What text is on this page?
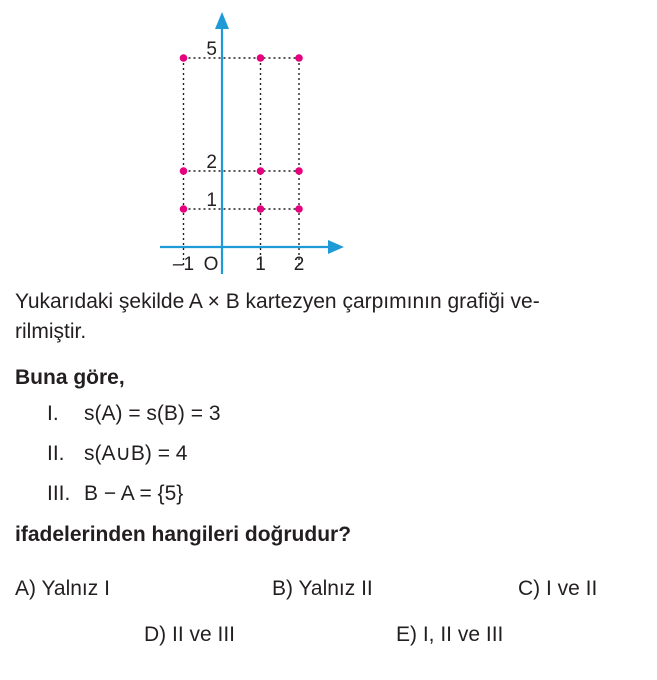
–1	1 2
O
1
2
5
Yukarıdaki şekilde A × B kartezyen çarpımının grafiği ve-
rilmiştir.
Buna göre,
I. s(A) = s(B) = 3
II. s(A∪B) = 4
III. B − A = {5}
ifadelerinden hangileri doğrudur?
A) Yalnız I	B) Yalnız II	C) I ve II
D) II ve III	E) I, II ve III
